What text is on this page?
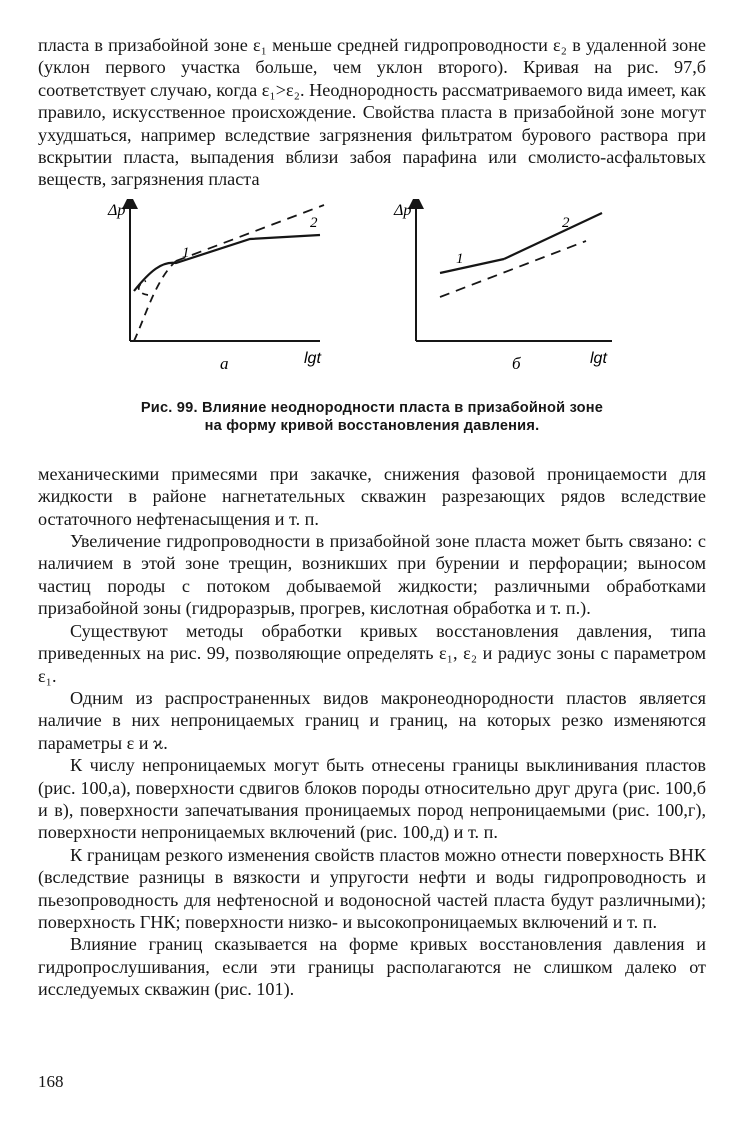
пласта в призабойной зоне ε₁ меньше средней гидропроводности ε₂ в удаленной зоне (уклон первого участка больше, чем уклон второго). Кривая на рис. 97,б соответствует случаю, когда ε₁>ε₂. Неоднородность рассматриваемого вида имеет, как правило, искусственное происхождение. Свойства пласта в призабойной зоне могут ухудшаться, например вследствие загрязнения фильтратом бурового раствора при вскрытии пласта, выпадения вблизи забоя парафина или смолисто-асфальтовых веществ, загрязнения пласта

Δp
lgt
а
1
2
Δp
lgt
б
1
2
Рис. 99. Влияние неоднородности пласта в призабойной зоне
на форму кривой восстановления давления.

механическими примесями при закачке, снижения фазовой проницаемости для жидкости в районе нагнетательных скважин разрезающих рядов вследствие остаточного нефтенасыщения и т. п.

Увеличение гидропроводности в призабойной зоне пласта может быть связано: с наличием в этой зоне трещин, возникших при бурении и перфорации; выносом частиц породы с потоком добываемой жидкости; различными обработками призабойной зоны (гидроразрыв, прогрев, кислотная обработка и т. п.).

Существуют методы обработки кривых восстановления давления, типа приведенных на рис. 99, позволяющие определять ε₁, ε₂ и радиус зоны с параметром ε₁.

Одним из распространенных видов макронеоднородности пластов является наличие в них непроницаемых границ и границ, на которых резко изменяются параметры ε и ϰ.

К числу непроницаемых могут быть отнесены границы выклинивания пластов (рис. 100,а), поверхности сдвигов блоков породы относительно друг друга (рис. 100,б и в), поверхности запечатывания проницаемых пород непроницаемыми (рис. 100,г), поверхности непроницаемых включений (рис. 100,д) и т. п.

К границам резкого изменения свойств пластов можно отнести поверхность ВНК (вследствие разницы в вязкости и упругости нефти и воды гидропроводность и пьезопроводность для нефтеносной и водоносной частей пласта будут различными); поверхность ГНК; поверхности низко- и высокопроницаемых включений и т. п.

Влияние границ сказывается на форме кривых восстановления давления и гидропрослушивания, если эти границы располагаются не слишком далеко от исследуемых скважин (рис. 101).

168
